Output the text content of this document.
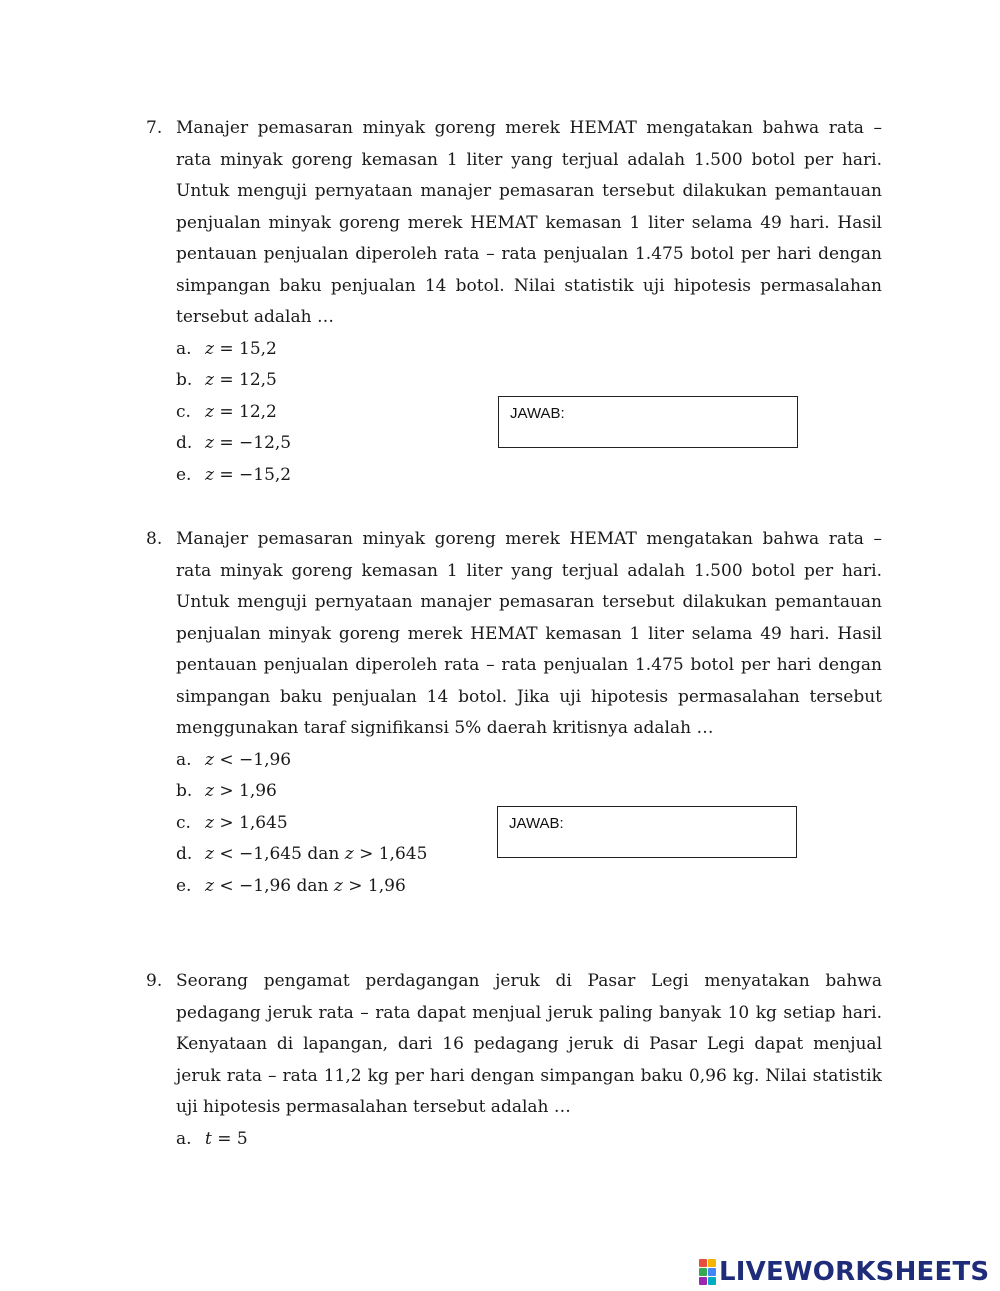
7. Manajer pemasaran minyak goreng merek HEMAT mengatakan bahwa rata – rata minyak goreng kemasan 1 liter yang terjual adalah 1.500 botol per hari. Untuk menguji pernyataan manajer pemasaran tersebut dilakukan pemantauan penjualan minyak goreng merek HEMAT kemasan 1 liter selama 49 hari. Hasil pentauan penjualan diperoleh rata – rata penjualan 1.475 botol per hari dengan simpangan baku penjualan 14 botol. Nilai statistik uji hipotesis permasalahan tersebut adalah …
a. z = 15,2
b. z = 12,5
c. z = 12,2
d. z = −12,5
e. z = −15,2
JAWAB:
8. Manajer pemasaran minyak goreng merek HEMAT mengatakan bahwa rata – rata minyak goreng kemasan 1 liter yang terjual adalah 1.500 botol per hari. Untuk menguji pernyataan manajer pemasaran tersebut dilakukan pemantauan penjualan minyak goreng merek HEMAT kemasan 1 liter selama 49 hari. Hasil pentauan penjualan diperoleh rata – rata penjualan 1.475 botol per hari dengan simpangan baku penjualan 14 botol. Jika uji hipotesis permasalahan tersebut menggunakan taraf signifikansi 5% daerah kritisnya adalah …
a. z < −1,96
b. z > 1,96
c. z > 1,645
d. z < −1,645 dan z > 1,645
e. z < −1,96 dan z > 1,96
JAWAB:
9. Seorang pengamat perdagangan jeruk di Pasar Legi menyatakan bahwa pedagang jeruk rata – rata dapat menjual jeruk paling banyak 10 kg setiap hari. Kenyataan di lapangan, dari 16 pedagang jeruk di Pasar Legi dapat menjual jeruk rata – rata 11,2 kg per hari dengan simpangan baku 0,96 kg. Nilai statistik uji hipotesis permasalahan tersebut adalah …
a. t = 5
LIVEWORKSHEETS
